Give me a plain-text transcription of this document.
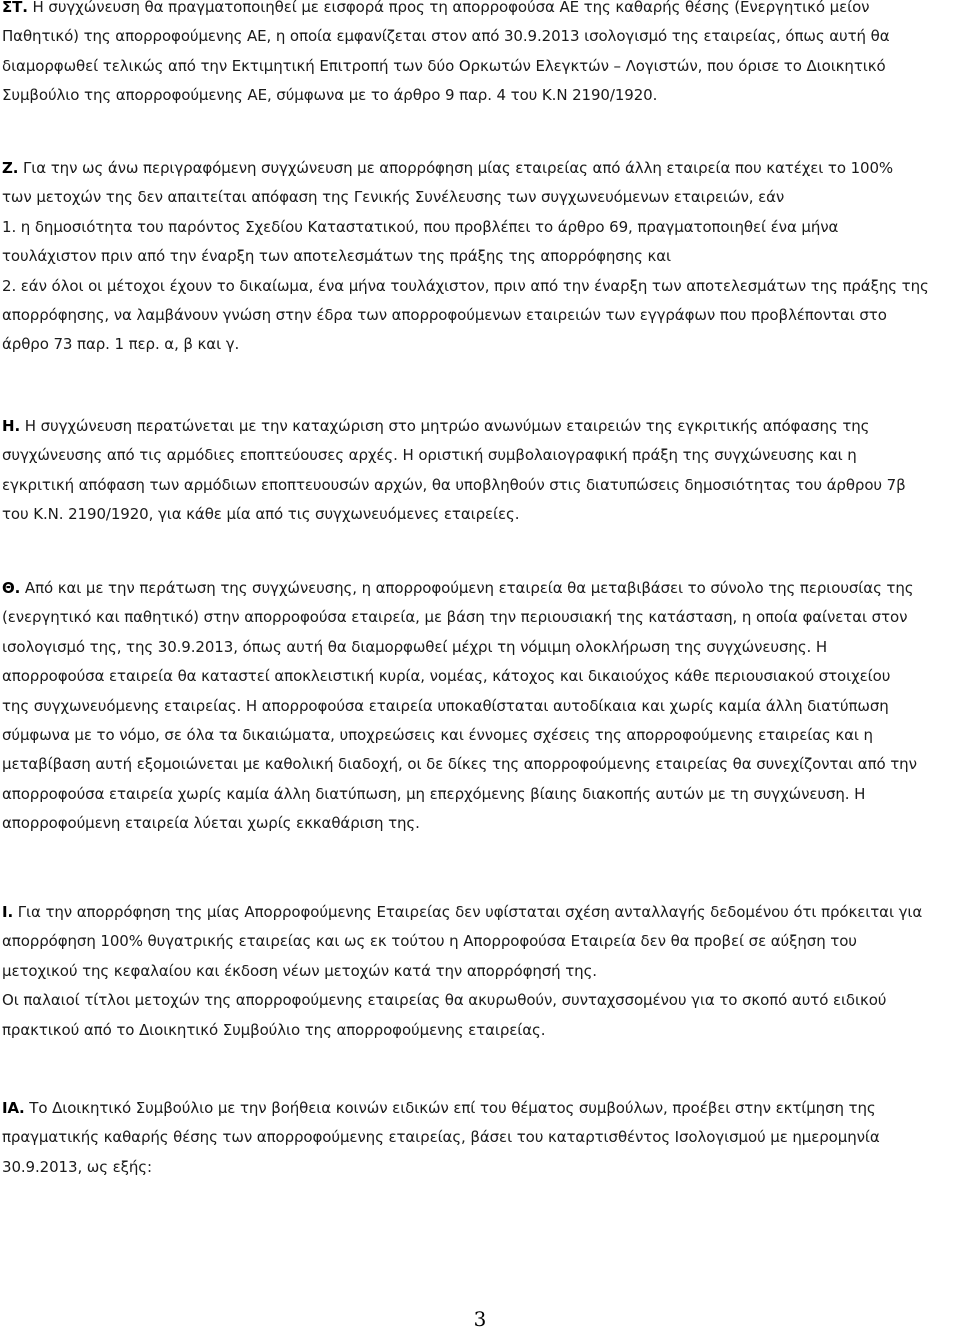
ΣΤ. Η συγχώνευση θα πραγματοποιηθεί με εισφορά προς τη απορροφούσα ΑΕ της καθαρής θέσης (Ενεργητικό μείον
Παθητικό) της απορροφούμενης ΑΕ, η οποία εμφανίζεται στον από 30.9.2013 ισολογισμό της εταιρείας, όπως αυτή θα
διαμορφωθεί τελικώς από την Εκτιμητική Επιτροπή των δύο Ορκωτών Ελεγκτών – Λογιστών, που όρισε το Διοικητικό
Συμβούλιο της απορροφούμενης ΑΕ, σύμφωνα με το άρθρο 9 παρ. 4 του Κ.Ν 2190/1920.
Ζ. Για την ως άνω περιγραφόμενη συγχώνευση με απορρόφηση μίας εταιρείας από άλλη εταιρεία που κατέχει το 100%
των μετοχών της δεν απαιτείται απόφαση της Γενικής Συνέλευσης των συγχωνευόμενων εταιρειών, εάν
1. η δημοσιότητα του παρόντος Σχεδίου Καταστατικού, που προβλέπει το άρθρο 69, πραγματοποιηθεί ένα μήνα
τουλάχιστον πριν από την έναρξη των αποτελεσμάτων της πράξης της απορρόφησης και
2. εάν όλοι οι μέτοχοι έχουν το δικαίωμα, ένα μήνα τουλάχιστον, πριν από την έναρξη των αποτελεσμάτων της πράξης της
απορρόφησης, να λαμβάνουν γνώση στην έδρα των απορροφούμενων εταιρειών των εγγράφων που προβλέπονται στο
άρθρο 73 παρ. 1 περ. α, β και γ.
Η. Η συγχώνευση περατώνεται με την καταχώριση στο μητρώο ανωνύμων εταιρειών της εγκριτικής απόφασης της
συγχώνευσης από τις αρμόδιες εποπτεύουσες αρχές. Η οριστική συμβολαιογραφική πράξη της συγχώνευσης και η
εγκριτική απόφαση των αρμόδιων εποπτευουσών αρχών, θα υποβληθούν στις διατυπώσεις δημοσιότητας του άρθρου 7β
του Κ.Ν. 2190/1920, για κάθε μία από τις συγχωνευόμενες εταιρείες.
Θ. Από και με την περάτωση της συγχώνευσης, η απορροφούμενη εταιρεία θα μεταβιβάσει το σύνολο της περιουσίας της
(ενεργητικό και παθητικό) στην απορροφούσα εταιρεία, με βάση την περιουσιακή της κατάσταση, η οποία φαίνεται στον
ισολογισμό της, της 30.9.2013, όπως αυτή θα διαμορφωθεί μέχρι τη νόμιμη ολοκλήρωση της συγχώνευσης. Η
απορροφούσα εταιρεία θα καταστεί αποκλειστική κυρία, νομέας, κάτοχος και δικαιούχος κάθε περιουσιακού στοιχείου
της συγχωνευόμενης εταιρείας. Η απορροφούσα εταιρεία υποκαθίσταται αυτοδίκαια και χωρίς καμία άλλη διατύπωση
σύμφωνα με το νόμο, σε όλα τα δικαιώματα, υποχρεώσεις και έννομες σχέσεις της απορροφούμενης εταιρείας και η
μεταβίβαση αυτή εξομοιώνεται με καθολική διαδοχή, οι δε δίκες της απορροφούμενης εταιρείας θα συνεχίζονται από την
απορροφούσα εταιρεία χωρίς καμία άλλη διατύπωση, μη επερχόμενης βίαιης διακοπής αυτών με τη συγχώνευση. Η
απορροφούμενη εταιρεία λύεται χωρίς εκκαθάριση της.
Ι. Για την απορρόφηση της μίας Απορροφούμενης Εταιρείας δεν υφίσταται σχέση ανταλλαγής δεδομένου ότι πρόκειται για
απορρόφηση 100% θυγατρικής εταιρείας και ως εκ τούτου η Απορροφούσα Εταιρεία δεν θα προβεί σε αύξηση του
μετοχικού της κεφαλαίου και έκδοση νέων μετοχών κατά την απορρόφησή της.
Οι παλαιοί τίτλοι μετοχών της απορροφούμενης εταιρείας θα ακυρωθούν, συνταχσσομένου για το σκοπό αυτό ειδικού
πρακτικού από το Διοικητικό Συμβούλιο της απορροφούμενης εταιρείας.
ΙΑ. Το Διοικητικό Συμβούλιο με την βοήθεια κοινών ειδικών επί του θέματος συμβούλων, προέβει στην εκτίμηση της
πραγματικής καθαρής θέσης των απορροφούμενης εταιρείας, βάσει του καταρτισθέντος Ισολογισμού με ημερομηνία
30.9.2013, ως εξής:
3
